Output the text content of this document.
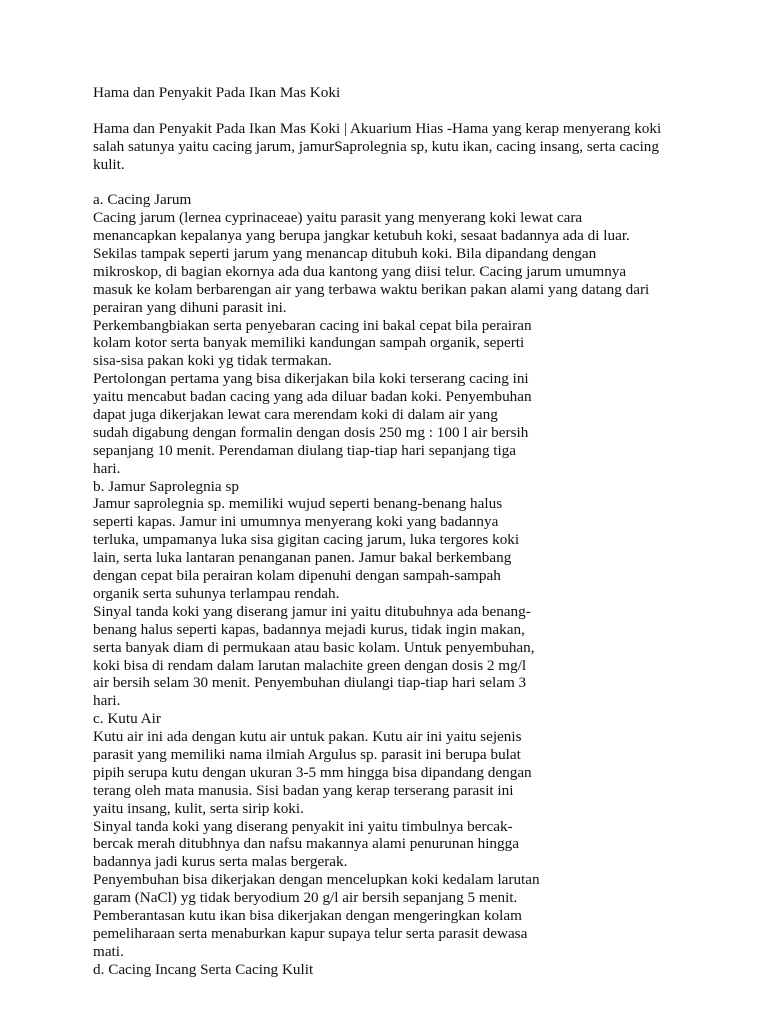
Hama dan Penyakit Pada Ikan Mas Koki
Hama dan Penyakit Pada Ikan Mas Koki | Akuarium Hias -Hama yang kerap menyerang koki
salah satunya yaitu cacing jarum, jamurSaprolegnia sp, kutu ikan, cacing insang, serta cacing
kulit.
a. Cacing Jarum
Cacing jarum (lernea cyprinaceae) yaitu parasit yang menyerang koki lewat cara
menancapkan kepalanya yang berupa jangkar ketubuh koki, sesaat badannya ada di luar.
Sekilas tampak seperti jarum yang menancap ditubuh koki. Bila dipandang dengan
mikroskop, di bagian ekornya ada dua kantong yang diisi telur. Cacing jarum umumnya
masuk ke kolam berbarengan air yang terbawa waktu berikan pakan alami yang datang dari
perairan yang dihuni parasit ini.
Perkembangbiakan serta penyebaran cacing ini bakal cepat bila perairan
kolam kotor serta banyak memiliki kandungan sampah organik, seperti
sisa-sisa pakan koki yg tidak termakan.
Pertolongan pertama yang bisa dikerjakan bila koki terserang cacing ini
yaitu mencabut badan cacing yang ada diluar badan koki. Penyembuhan
dapat juga dikerjakan lewat cara merendam koki di dalam air yang
sudah digabung dengan formalin dengan dosis 250 mg : 100 l air bersih
sepanjang 10 menit. Perendaman diulang tiap-tiap hari sepanjang tiga
hari.
b. Jamur Saprolegnia sp
Jamur saprolegnia sp. memiliki wujud seperti benang-benang halus
seperti kapas. Jamur ini umumnya menyerang koki yang badannya
terluka, umpamanya luka sisa gigitan cacing jarum, luka tergores koki
lain, serta luka lantaran penanganan panen. Jamur bakal berkembang
dengan cepat bila perairan kolam dipenuhi dengan sampah-sampah
organik serta suhunya terlampau rendah.
Sinyal tanda koki yang diserang jamur ini yaitu ditubuhnya ada benang-
benang halus seperti kapas, badannya mejadi kurus, tidak ingin makan,
serta banyak diam di permukaan atau basic kolam. Untuk penyembuhan,
koki bisa di rendam dalam larutan malachite green dengan dosis 2 mg/l
air bersih selam 30 menit. Penyembuhan diulangi tiap-tiap hari selam 3
hari.
c. Kutu Air
Kutu air ini ada dengan kutu air untuk pakan. Kutu air ini yaitu sejenis
parasit yang memiliki nama ilmiah Argulus sp. parasit ini berupa bulat
pipih serupa kutu dengan ukuran 3-5 mm hingga bisa dipandang dengan
terang oleh mata manusia. Sisi badan yang kerap terserang parasit ini
yaitu insang, kulit, serta sirip koki.
Sinyal tanda koki yang diserang penyakit ini yaitu timbulnya bercak-
bercak merah ditubhnya dan nafsu makannya alami penurunan hingga
badannya jadi kurus serta malas bergerak.
Penyembuhan bisa dikerjakan dengan mencelupkan koki kedalam larutan
garam (NaCl) yg tidak beryodium 20 g/l air bersih sepanjang 5 menit.
Pemberantasan kutu ikan bisa dikerjakan dengan mengeringkan kolam
pemeliharaan serta menaburkan kapur supaya telur serta parasit dewasa
mati.
d. Cacing Incang Serta Cacing Kulit
